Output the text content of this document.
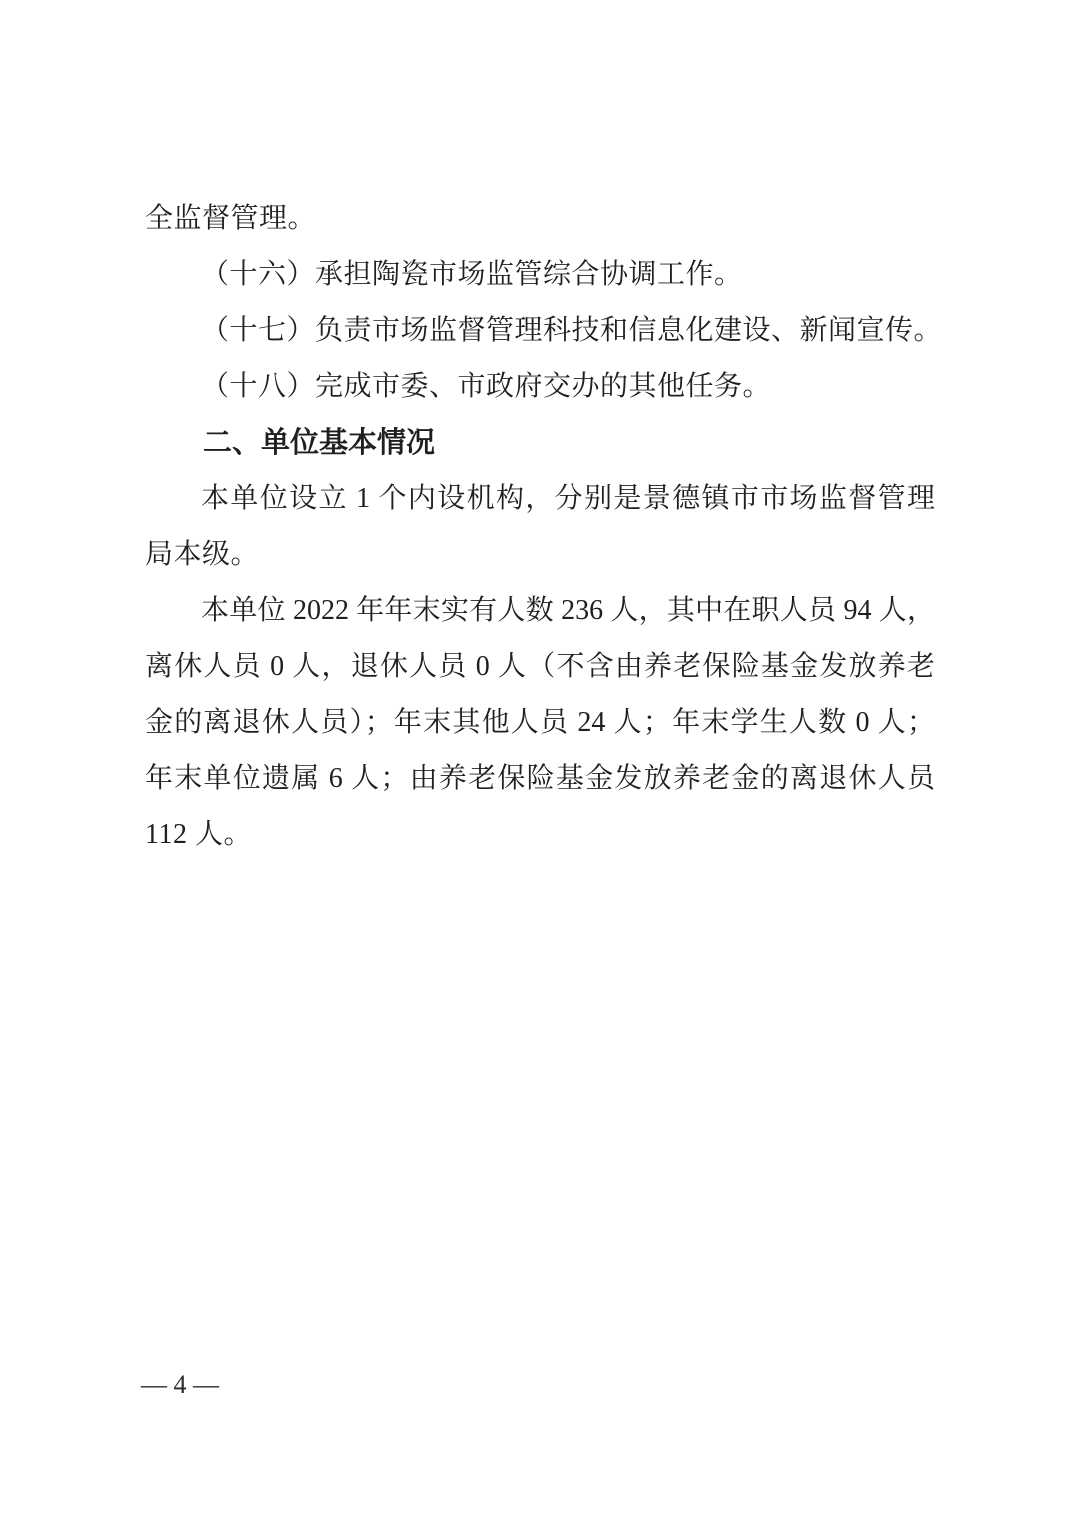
全监督管理。
（十六）承担陶瓷市场监管综合协调工作。
（十七）负责市场监督管理科技和信息化建设、新闻宣传。
（十八）完成市委、市政府交办的其他任务。
二、单位基本情况
本单位设立 1 个内设机构，分别是景德镇市市场监督管理
局本级。
本单位 2022 年年末实有人数 236 人，其中在职人员 94 人，
离休人员 0 人，退休人员 0 人（不含由养老保险基金发放养老
金的离退休人员）；年末其他人员 24 人；年末学生人数 0 人；
年末单位遗属 6 人；由养老保险基金发放养老金的离退休人员
112 人。
— 4 —
